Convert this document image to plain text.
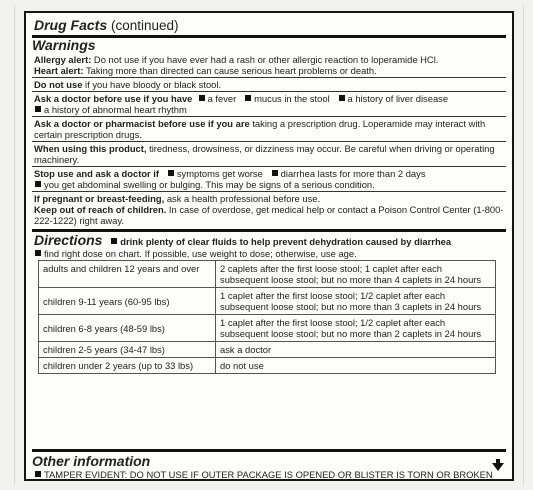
Drug Facts (continued)
Warnings
Allergy alert: Do not use if you have ever had a rash or other allergic reaction to loperamide HCl.
Heart alert: Taking more than directed can cause serious heart problems or death.
Do not use if you have bloody or black stool.
Ask a doctor before use if you have a fever mucus in the stool a history of liver disease
a history of abnormal heart rhythm
Ask a doctor or pharmacist before use if you are taking a prescription drug. Loperamide may interact with certain prescription drugs.
When using this product, tiredness, drowsiness, or dizziness may occur. Be careful when driving or operating machinery.
Stop use and ask a doctor if symptoms get worse diarrhea lasts for more than 2 days
you get abdominal swelling or bulging. This may be signs of a serious condition.
If pregnant or breast-feeding, ask a health professional before use.
Keep out of reach of children. In case of overdose, get medical help or contact a Poison Control Center (1-800-222-1222) right away.
Directions drink plenty of clear fluids to help prevent dehydration caused by diarrhea
find right dose on chart. If possible, use weight to dose; otherwise, use age.
adults and children 12 years and over	2 caplets after the first loose stool; 1 caplet after each subsequent loose stool; but no more than 4 caplets in 24 hours
children 9-11 years (60-95 lbs)	1 caplet after the first loose stool; 1/2 caplet after each subsequent loose stool; but no more than 3 caplets in 24 hours
children 6-8 years (48-59 lbs)	1 caplet after the first loose stool; 1/2 caplet after each subsequent loose stool; but no more than 2 caplets in 24 hours
children 2-5 years (34-47 lbs)	ask a doctor
children under 2 years (up to 33 lbs)	do not use
Other information
TAMPER EVIDENT: DO NOT USE IF OUTER PACKAGE IS OPENED OR BLISTER IS TORN OR BROKEN
